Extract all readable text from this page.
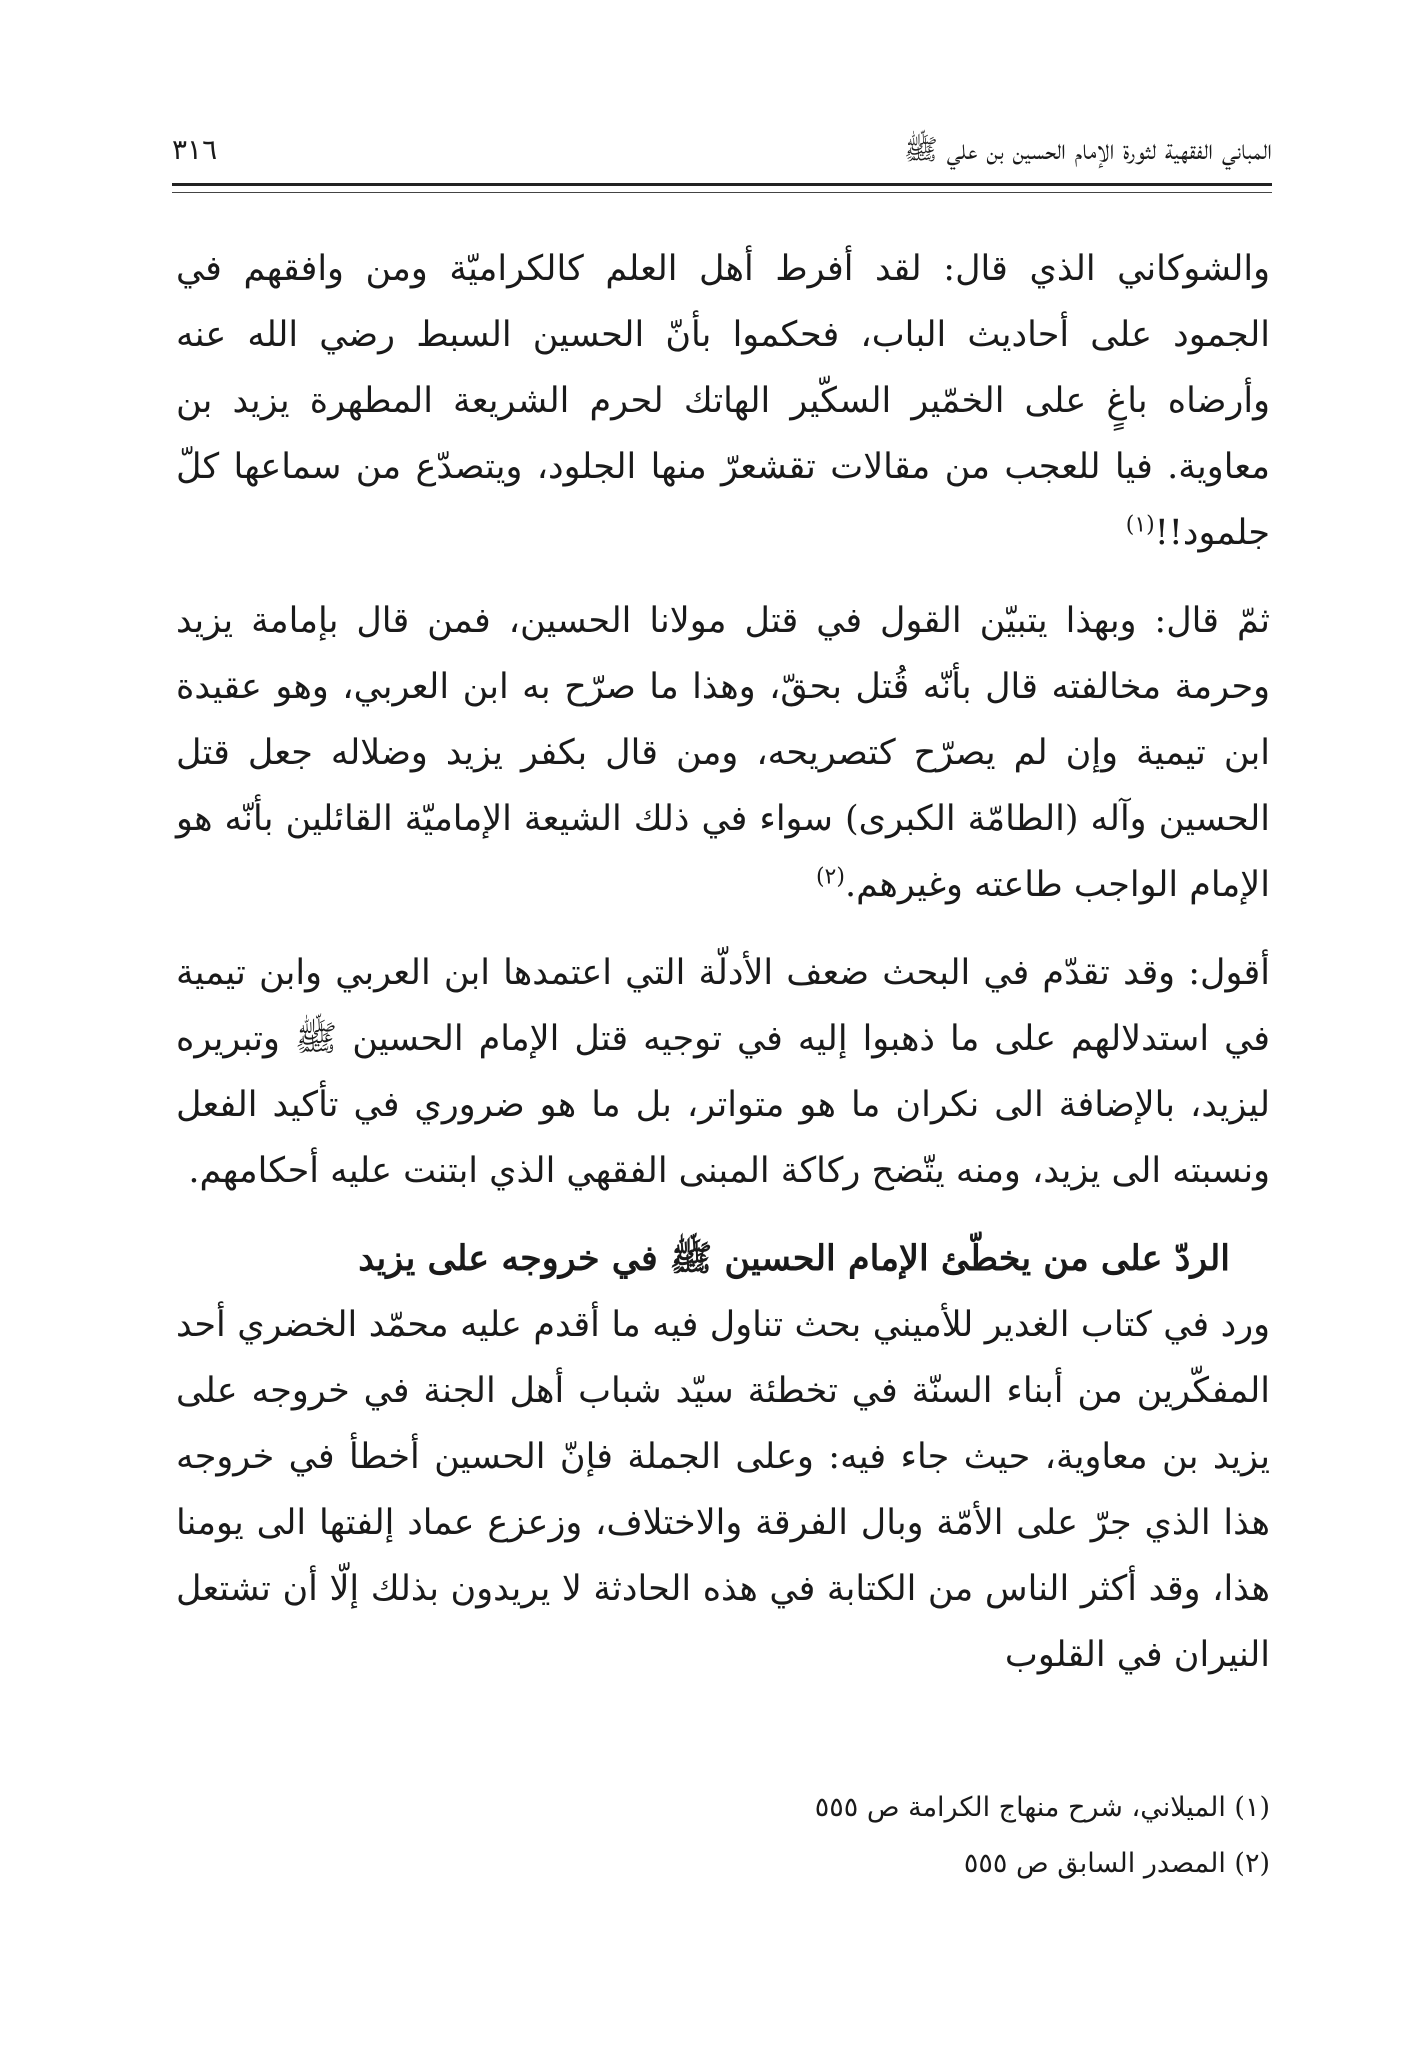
المباني الفقهية لثورة الإمام الحسين بن علي ﷺ
٣١٦

والشوكاني الذي قال: لقد أفرط أهل العلم كالكراميّة ومن وافقهم في الجمود على أحاديث الباب، فحكموا بأنّ الحسين السبط رضي الله عنه وأرضاه باغٍ على الخمّير السكّير الهاتك لحرم الشريعة المطهرة يزيد بن معاوية. فيا للعجب من مقالات تقشعرّ منها الجلود، ويتصدّع من سماعها كلّ جلمود!!$^{(١)}$

ثمّ قال: وبهذا يتبيّن القول في قتل مولانا الحسين، فمن قال بإمامة يزيد وحرمة مخالفته قال بأنّه قُتل بحقّ، وهذا ما صرّح به ابن العربي، وهو عقيدة ابن تيمية وإن لم يصرّح كتصريحه، ومن قال بكفر يزيد وضلاله جعل قتل الحسين وآله (الطامّة الكبرى) سواء في ذلك الشيعة الإماميّة القائلين بأنّه هو الإمام الواجب طاعته وغيرهم.$^{(٢)}$

أقول: وقد تقدّم في البحث ضعف الأدلّة التي اعتمدها ابن العربي وابن تيمية في استدلالهم على ما ذهبوا إليه في توجيه قتل الإمام الحسين ﷺ وتبريره ليزيد، بالإضافة الى نكران ما هو متواتر، بل ما هو ضروري في تأكيد الفعل ونسبته الى يزيد، ومنه يتّضح ركاكة المبنى الفقهي الذي ابتنت عليه أحكامهم.

الردّ على من يخطّئ الإمام الحسين ﷺ في خروجه على يزيد

ورد في كتاب الغدير للأميني بحث تناول فيه ما أقدم عليه محمّد الخضري أحد المفكّرين من أبناء السنّة في تخطئة سيّد شباب أهل الجنة في خروجه على يزيد بن معاوية، حيث جاء فيه: وعلى الجملة فإنّ الحسين أخطأ في خروجه هذا الذي جرّ على الأمّة وبال الفرقة والاختلاف، وزعزع عماد إلفتها الى يومنا هذا، وقد أكثر الناس من الكتابة في هذه الحادثة لا يريدون بذلك إلّا أن تشتعل النيران في القلوب

(١) الميلاني، شرح منهاج الكرامة ص ٥٥٥

(٢) المصدر السابق ص ٥٥٥
